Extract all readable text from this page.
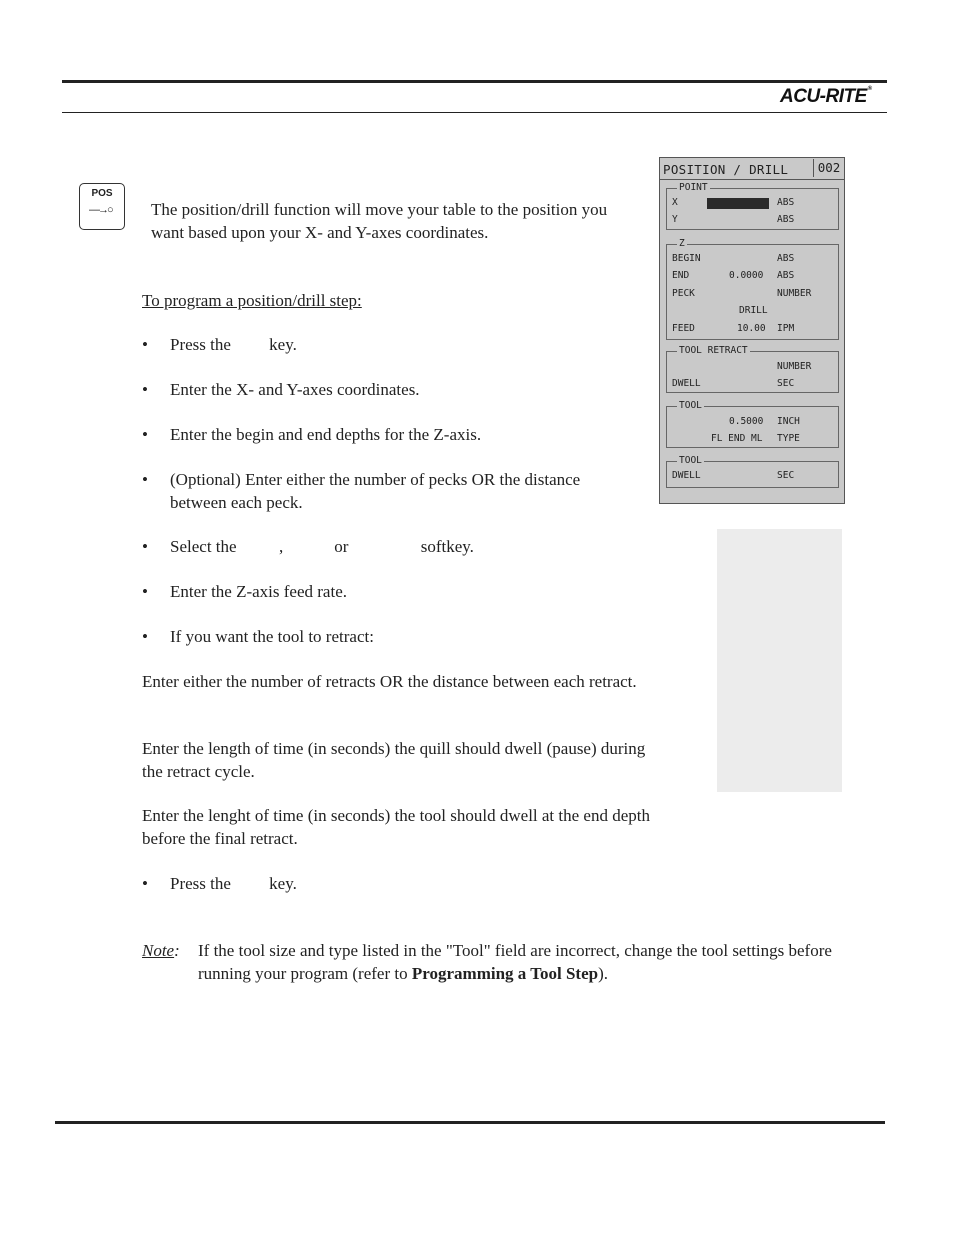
ACU-RITE®
POS
—→○ The position/drill function will move your table to the position you want based upon your X- and Y-axes coordinates.
To program a position/drill step:
• Press the         key.
• Enter the X- and Y-axes coordinates.
• Enter the begin and end depths for the Z-axis.
• (Optional) Enter either the number of pecks OR the distance between each peck.
• Select the          ,            or                 softkey.
• Enter the Z-axis feed rate.
• If you want the tool to retract:
Enter either the number of retracts OR the distance between each retract.
Enter the length of time (in seconds) the quill should dwell (pause) during the retract cycle.
Enter the lenght of time (in seconds) the tool should dwell at the end depth before the final retract.
• Press the         key.
Note: If the tool size and type listed in the "Tool" field are incorrect, change the tool settings before running your program (refer to Programming a Tool Step).
POSITION / DRILL	002
POINT
X	ABS
Y	ABS
Z
BEGIN	ABS
END	0.0000 ABS
PECK	NUMBER
DRILL
FEED	10.00 IPM
TOOL RETRACT
NUMBER
DWELL	SEC
TOOL
0.5000 INCH
FL END ML TYPE
TOOL
DWELL	SEC
